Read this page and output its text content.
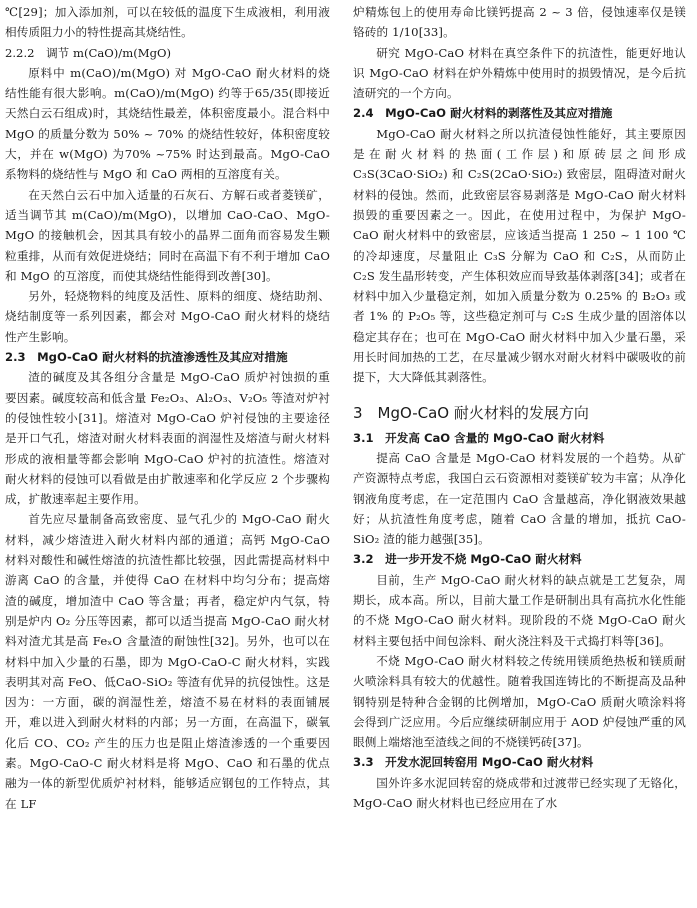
℃[29]；加入添加剂，可以在较低的温度下生成液相，利用液相传质阻力小的特性提高其烧结性。

2.2.2　调节 m(CaO)/m(MgO)

原料中 m(CaO)/m(MgO) 对 MgO-CaO 耐火材料的烧结性能有很大影响。m(CaO)/m(MgO) 约等于65/35(即接近天然白云石组成)时，其烧结性最差，体积密度最小。混合料中 MgO 的质量分数为 50% ~ 70% 的烧结性较好，体积密度较大，并在 w(MgO) 为70% ~75% 时达到最高。MgO-CaO 系物料的烧结性与 MgO 和 CaO 两相的互溶度有关。

在天然白云石中加入适量的石灰石、方解石或者菱镁矿，适当调节其 m(CaO)/m(MgO)，以增加 CaO-CaO、MgO-MgO 的接触机会，因其具有较小的晶界二面角而容易发生颗粒重排，从而有效促进烧结；同时在高温下有不利于增加 CaO 和 MgO 的互溶度，而使其烧结性能得到改善[30]。

另外，轻烧物料的纯度及活性、原料的细度、烧结助剂、烧结制度等一系列因素，都会对 MgO-CaO 耐火材料的烧结性产生影响。

2.3　MgO-CaO 耐火材料的抗渣渗透性及其应对措施

渣的碱度及其各组分含量是 MgO-CaO 质炉衬蚀损的重要因素。碱度较高和低含量 Fe₂O₃、Al₂O₃、V₂O₅ 等渣对炉衬的侵蚀性较小[31]。熔渣对 MgO-CaO 炉衬侵蚀的主要途径是开口气孔，熔渣对耐火材料表面的润湿性及熔渣与耐火材料形成的液相量等都会影响 MgO-CaO 炉衬的抗渣性。熔渣对耐火材料的侵蚀可以看做是由扩散速率和化学反应 2 个步骤构成，扩散速率起主要作用。

首先应尽量制备高致密度、显气孔少的 MgO-CaO 耐火材料，减少熔渣进入耐火材料内部的通道；高钙 MgO-CaO 材料对酸性和碱性熔渣的抗渣性都比较强，因此需提高材料中游离 CaO 的含量，并使得 CaO 在材料中均匀分布；提高熔渣的碱度，增加渣中 CaO 等含量；再者，稳定炉内气氛，特别是炉内 O₂ 分压等因素，都可以适当提高 MgO-CaO 耐火材料对渣尤其是高 FeₓO 含量渣的耐蚀性[32]。另外，也可以在材料中加入少量的石墨，即为 MgO-CaO-C 耐火材料，实践表明其对高 FeO、低CaO-SiO₂ 等渣有优异的抗侵蚀性。这是因为：一方面，碳的润湿性差，熔渣不易在材料的表面铺展开，难以进入到耐火材料的内部；另一方面，在高温下，碳氧化后 CO、CO₂ 产生的压力也是阻止熔渣渗透的一个重要因素。MgO-CaO-C 耐火材料是将 MgO、CaO 和石墨的优点融为一体的新型优质炉衬材料，能够适应钢包的工作特点，其在 LF

炉精炼包上的使用寿命比镁钙提高 2 ~ 3 倍，侵蚀速率仅是镁铬砖的 1/10[33]。

研究 MgO-CaO 材料在真空条件下的抗渣性，能更好地认识 MgO-CaO 材料在炉外精炼中使用时的损毁情况，是今后抗渣研究的一个方向。

2.4　MgO-CaO 耐火材料的剥落性及其应对措施

MgO-CaO 耐火材料之所以抗渣侵蚀性能好，其主要原因是在耐火材料的热面(工作层)和原砖层之间形成 C₃S(3CaO·SiO₂) 和 C₂S(2CaO·SiO₂) 致密层，阻碍渣对耐火材料的侵蚀。然而，此致密层容易剥落是 MgO-CaO 耐火材料损毁的重要因素之一。因此，在使用过程中，为保护 MgO-CaO 耐火材料中的致密层，应该适当提高 1 250 ~ 1 100 ℃ 的冷却速度，尽量阻止 C₃S 分解为 CaO 和 C₂S，从而防止 C₂S 发生晶形转变，产生体积效应而导致基体剥落[34]；或者在材料中加入少量稳定剂，如加入质量分数为 0.25% 的 B₂O₃ 或者 1% 的 P₂O₅ 等，这些稳定剂可与 C₂S 生成少量的固溶体以稳定其存在；也可在 MgO-CaO 耐火材料中加入少量石墨，采用长时间加热的工艺，在尽量减少钢水对耐火材料中碳吸收的前提下，大大降低其剥落性。

3　MgO-CaO 耐火材料的发展方向

3.1　开发高 CaO 含量的 MgO-CaO 耐火材料

提高 CaO 含量是 MgO-CaO 材料发展的一个趋势。从矿产资源特点考虑，我国白云石资源相对菱镁矿较为丰富；从净化钢液角度考虑，在一定范围内 CaO 含量越高，净化钢液效果越好；从抗渣性角度考虑，随着 CaO 含量的增加，抵抗 CaO-SiO₂ 渣的能力越强[35]。

3.2　进一步开发不烧 MgO-CaO 耐火材料

目前，生产 MgO-CaO 耐火材料的缺点就是工艺复杂，周期长，成本高。所以，目前大量工作是研制出具有高抗水化性能的不烧 MgO-CaO 耐火材料。现阶段的不烧 MgO-CaO 耐火材料主要包括中间包涂料、耐火浇注料及干式捣打料等[36]。

不烧 MgO-CaO 耐火材料较之传统用镁质绝热板和镁质耐火喷涂料具有较大的优越性。随着我国连铸比的不断提高及品种钢特别是特种合金钢的比例增加，MgO-CaO 质耐火喷涂料将会得到广泛应用。今后应继续研制应用于 AOD 炉侵蚀严重的风眼侧上端熔池至渣线之间的不烧镁钙砖[37]。

3.3　开发水泥回转窑用 MgO-CaO 耐火材料

国外许多水泥回转窑的烧成带和过渡带已经实现了无铬化，MgO-CaO 耐火材料也已经应用在了水
